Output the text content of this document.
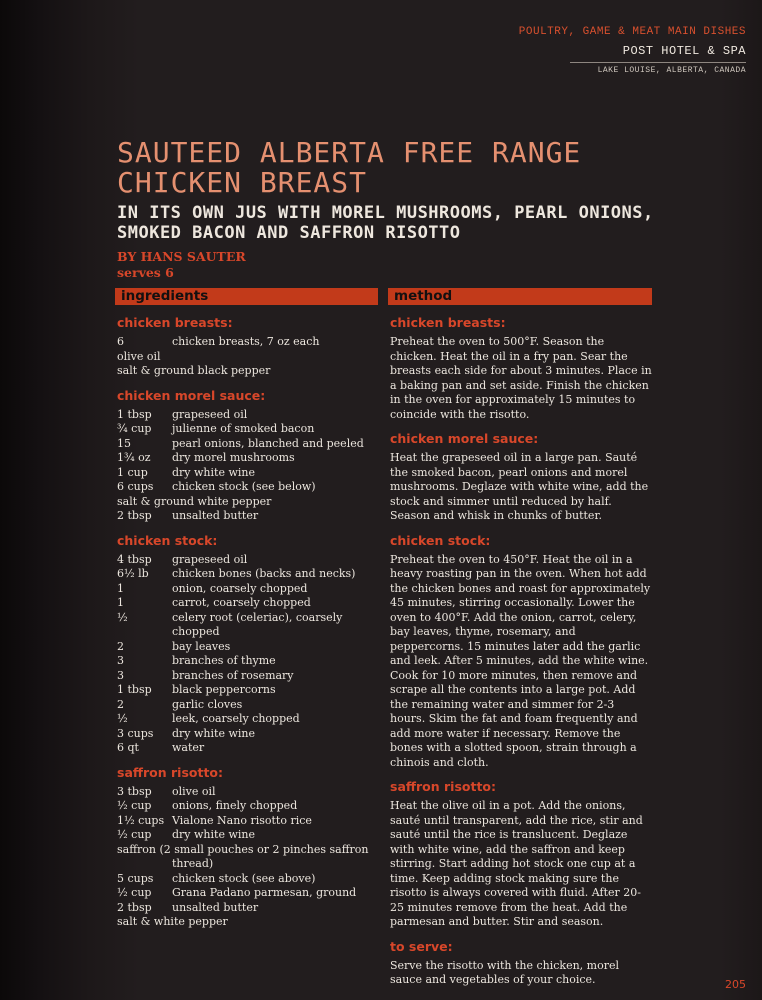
POULTRY, GAME & MEAT MAIN DISHES
POST HOTEL & SPA
LAKE LOUISE, ALBERTA, CANADA
SAUTEED ALBERTA FREE RANGE CHICKEN BREAST
IN ITS OWN JUS WITH MOREL MUSHROOMS, PEARL ONIONS, SMOKED BACON AND SAFFRON RISOTTO
BY HANS SAUTER
serves 6
ingredients	method
chicken breasts:
6	chicken breasts, 7 oz each
olive oil
salt & ground black pepper
chicken morel sauce:
1 tbsp	grapeseed oil
¾ cup	julienne of smoked bacon
15	pearl onions, blanched and peeled
1¾ oz	dry morel mushrooms
1 cup	dry white wine
6 cups	chicken stock (see below)
salt & ground white pepper
2 tbsp	unsalted butter
chicken stock:
4 tbsp	grapeseed oil
6½ lb	chicken bones (backs and necks)
1	onion, coarsely chopped
1	carrot, coarsely chopped
½	celery root (celeriac), coarsely chopped
2	bay leaves
3	branches of thyme
3	branches of rosemary
1 tbsp	black peppercorns
2	garlic cloves
½	leek, coarsely chopped
3 cups	dry white wine
6 qt	water
saffron risotto:
3 tbsp	olive oil
½ cup	onions, finely chopped
1½ cups Vialone Nano risotto rice
½ cup	dry white wine
saffron (2 small pouches or 2 pinches saffron thread)
5 cups	chicken stock (see above)
½ cup	Grana Padano parmesan, ground
2 tbsp	unsalted butter
salt & white pepper
chicken breasts:

Preheat the oven to 500°F. Season the chicken. Heat the oil in a fry pan. Sear the breasts each side for about 3 minutes. Place in a baking pan and set aside. Finish the chicken in the oven for approximately 15 minutes to coincide with the risotto.

chicken morel sauce:

Heat the grapeseed oil in a large pan. Sauté the smoked bacon, pearl onions and morel mushrooms. Deglaze with white wine, add the stock and simmer until reduced by half. Season and whisk in chunks of butter.

chicken stock:

Preheat the oven to 450°F. Heat the oil in a heavy roasting pan in the oven. When hot add the chicken bones and roast for approximately 45 minutes, stirring occasionally. Lower the oven to 400°F. Add the onion, carrot, celery, bay leaves, thyme, rosemary, and peppercorns. 15 minutes later add the garlic and leek. After 5 minutes, add the white wine. Cook for 10 more minutes, then remove and scrape all the contents into a large pot. Add the remaining water and simmer for 2-3 hours. Skim the fat and foam frequently and add more water if necessary. Remove the bones with a slotted spoon, strain through a chinois and cloth.

saffron risotto:

Heat the olive oil in a pot. Add the onions, sauté until transparent, add the rice, stir and sauté until the rice is translucent. Deglaze with white wine, add the saffron and keep stirring. Start adding hot stock one cup at a time. Keep adding stock making sure the risotto is always covered with fluid. After 20-25 minutes remove from the heat. Add the parmesan and butter. Stir and season.

to serve:

Serve the risotto with the chicken, morel sauce and vegetables of your choice.	205
